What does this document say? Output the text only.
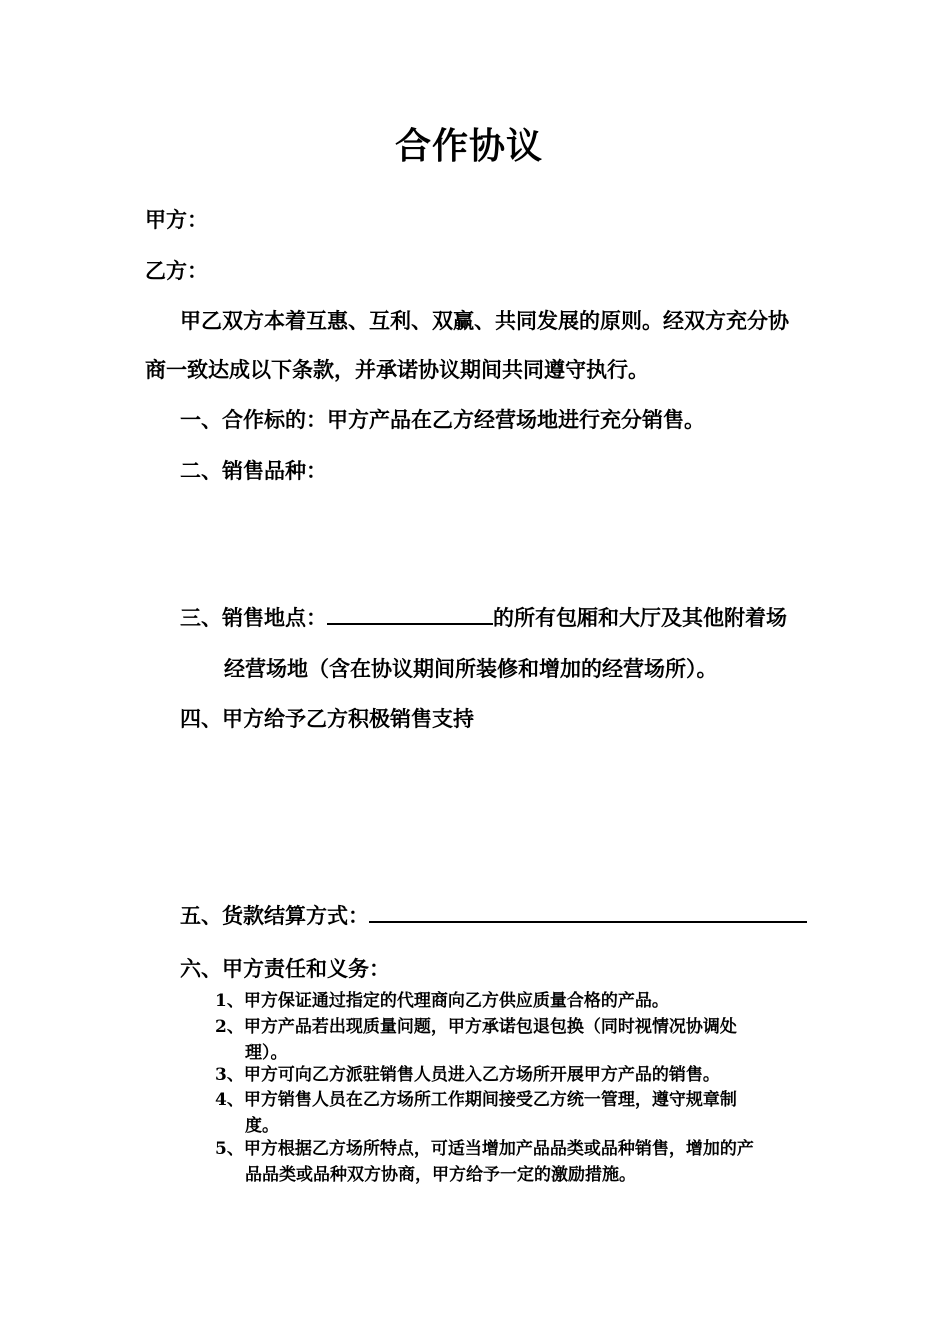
合作协议
甲方：
乙方：
甲乙双方本着互惠、互利、双赢、共同发展的原则。经双方充分协
商一致达成以下条款，并承诺协议期间共同遵守执行。
一、合作标的：甲方产品在乙方经营场地进行充分销售。
二、销售品种：
三、销售地点：	的所有包厢和大厅及其他附着场
经营场地（含在协议期间所装修和增加的经营场所）。
四、甲方给予乙方积极销售支持
五、货款结算方式：
六、甲方责任和义务：
1、甲方保证通过指定的代理商向乙方供应质量合格的产品。
2、甲方产品若出现质量问题，甲方承诺包退包换（同时视情况协调处
理）。
3、甲方可向乙方派驻销售人员进入乙方场所开展甲方产品的销售。
4、甲方销售人员在乙方场所工作期间接受乙方统一管理，遵守规章制
度。
5、甲方根据乙方场所特点，可适当增加产品品类或品种销售，增加的产
品品类或品种双方协商，甲方给予一定的激励措施。
